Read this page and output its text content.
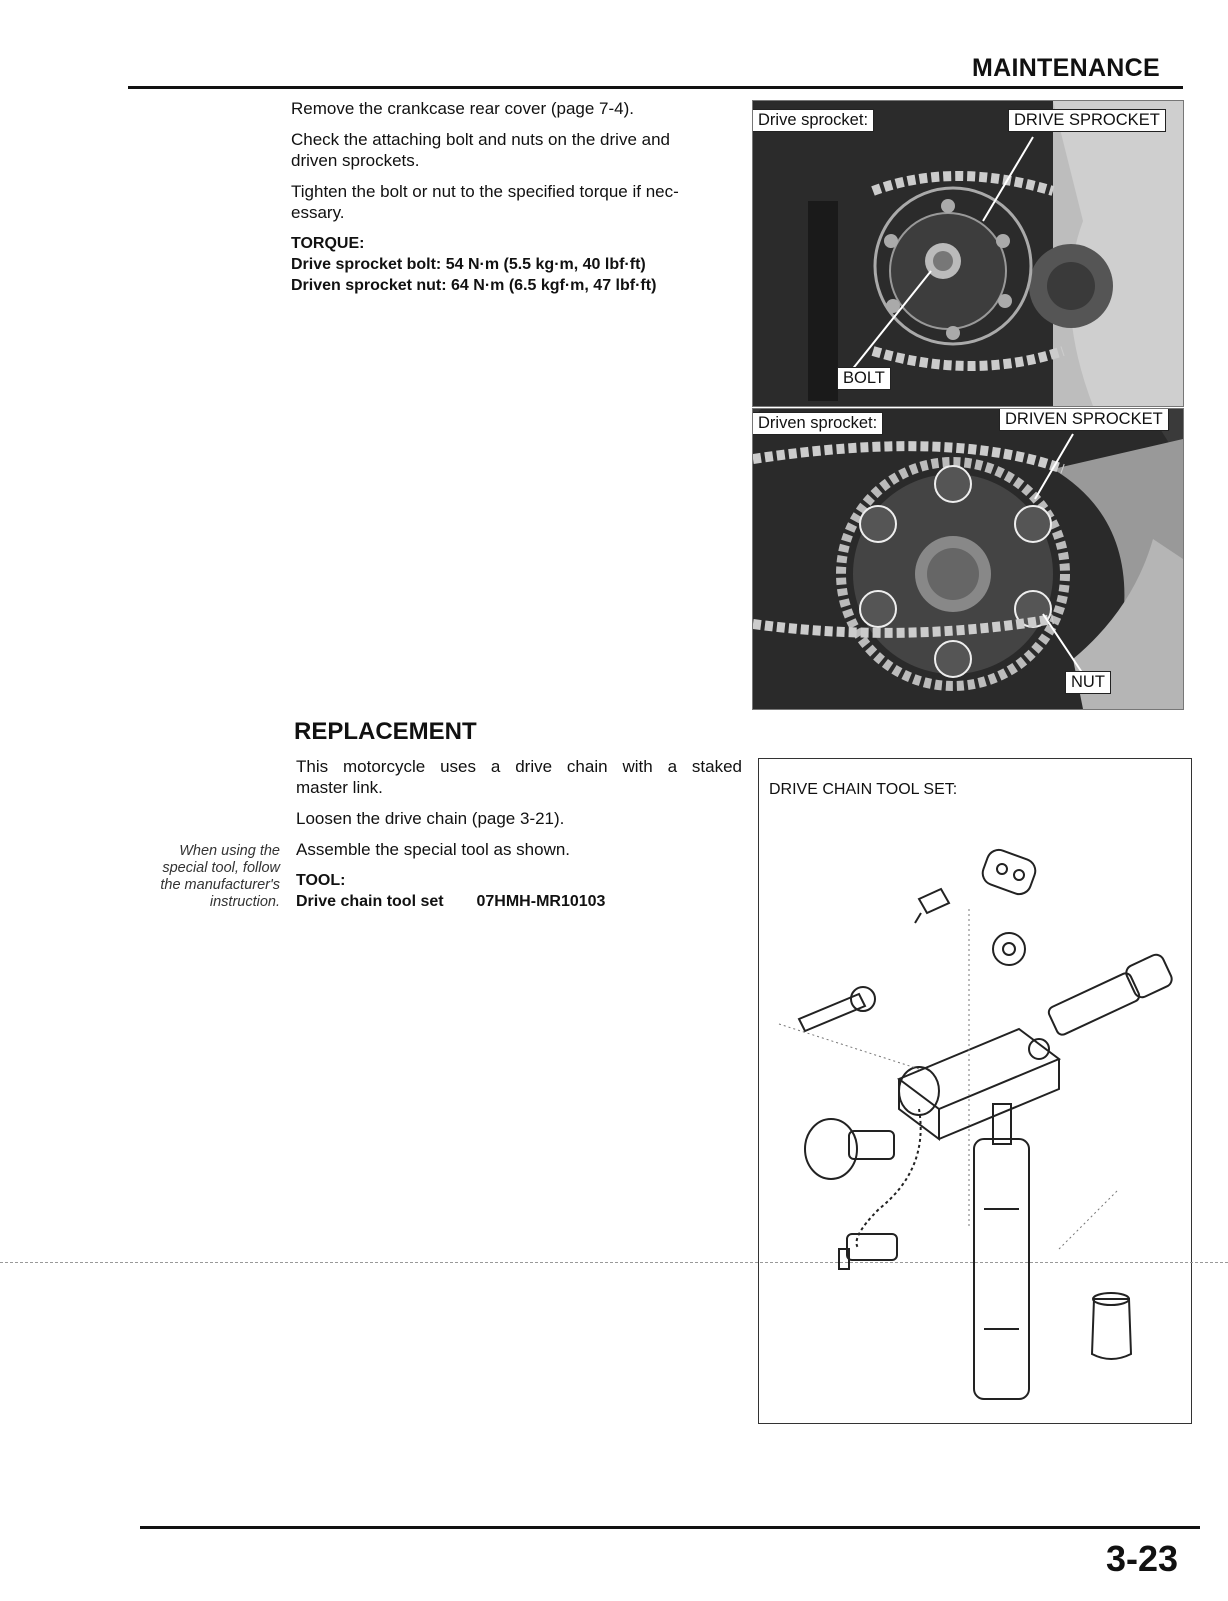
MAINTENANCE

Remove the crankcase rear cover (page 7-4).

Check the attaching bolt and nuts on the drive and

driven sprockets.

Tighten the bolt or nut to the specified torque if nec-

essary.

TORQUE:

Drive sprocket bolt: 54 N·m (5.5 kg·m, 40 lbf·ft)

Driven sprocket nut: 64 N·m (6.5 kgf·m, 47 lbf·ft)

Drive sprocket:	DRIVE SPROCKET
BOLT
Driven sprocket:	DRIVEN SPROCKET
NUT
REPLACEMENT

This motorcycle uses a drive chain with a staked

master link.

Loosen the drive chain (page 3-21).

Assemble the special tool as shown.

TOOL:

Drive chain tool set 07HMH-MR10103

When using the
special tool, follow
the manufacturer's
instruction.
DRIVE CHAIN TOOL SET:
3-23
